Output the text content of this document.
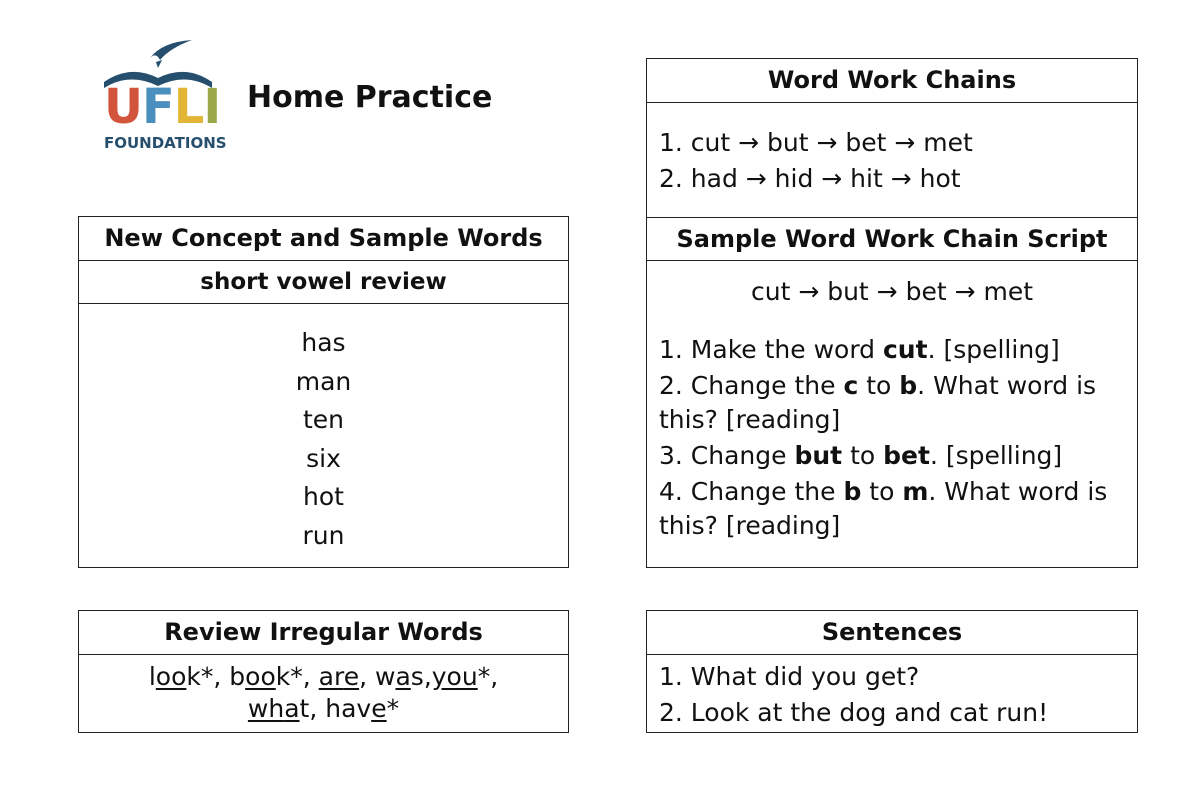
UFLI
FOUNDATIONS
Home Practice
New Concept and Sample Words
short vowel review
has
man
ten
six
hot
run
Review Irregular Words
look*, book*, are, was,you*, what, have*
Word Work Chains
1. cut → but → bet → met
2. had → hid → hit → hot
Sample Word Work Chain Script
cut → but → bet → met
1. Make the word cut. [spelling]
2. Change the c to b. What word is this? [reading]
3. Change but to bet. [spelling]
4. Change the b to m. What word is this? [reading]
Sentences
1. What did you get?
2. Look at the dog and cat run!
